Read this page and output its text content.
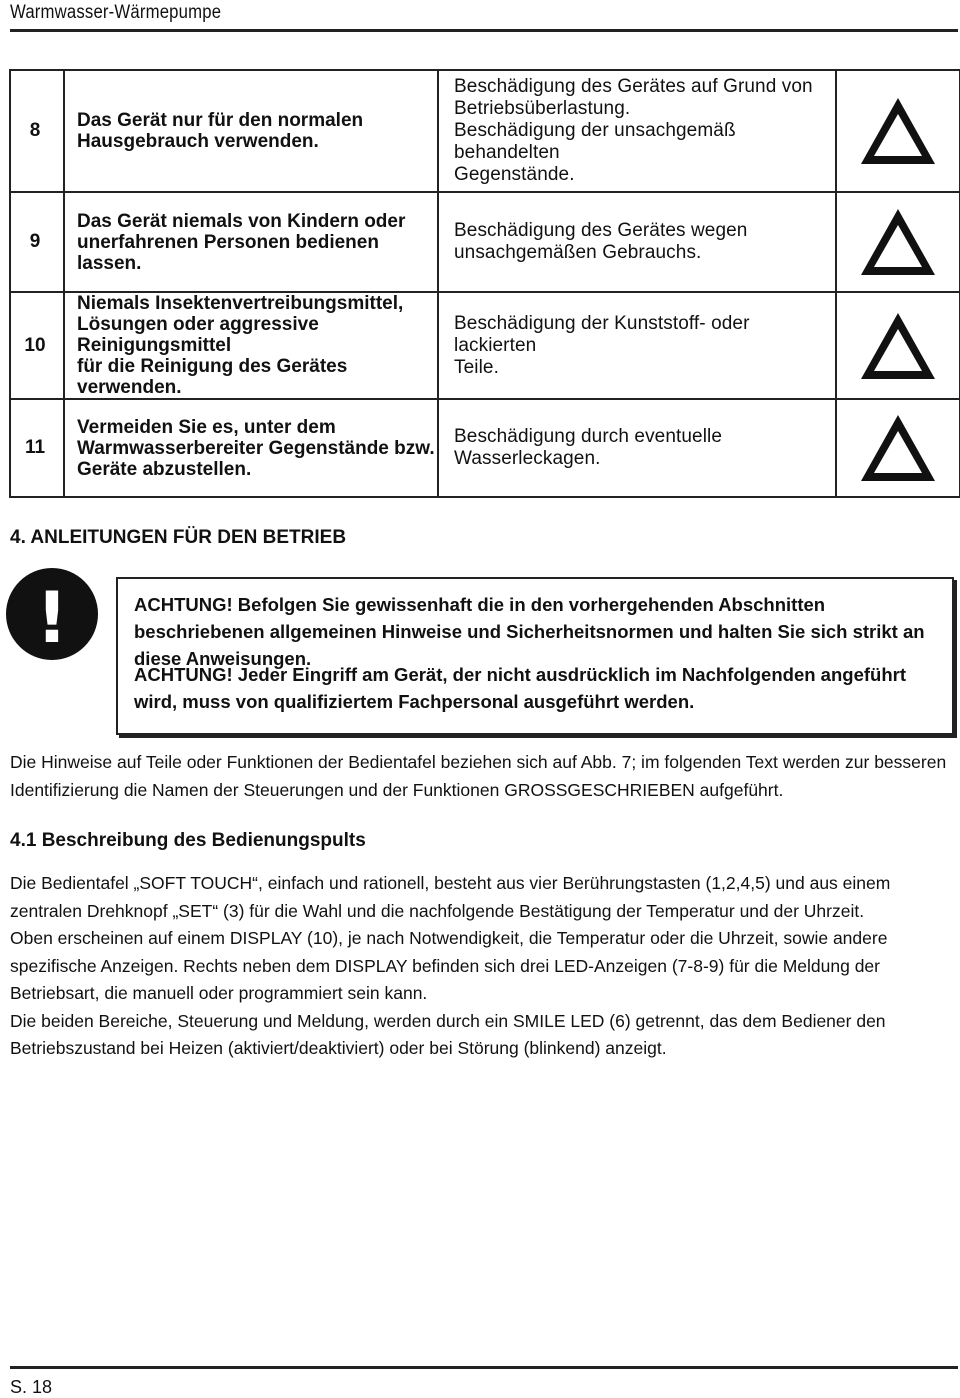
Warmwasser-Wärmepumpe
8	Das Gerät nur für den normalen
Hausgebrauch verwenden.	Beschädigung des Gerätes auf Grund von
Betriebsüberlastung.
Beschädigung der unsachgemäß behandelten
Gegenstände.	
9	Das Gerät niemals von Kindern oder
unerfahrenen Personen bedienen lassen.	Beschädigung des Gerätes wegen
unsachgemäßen Gebrauchs.	
10	Niemals Insektenvertreibungsmittel,
Lösungen oder aggressive Reinigungsmittel
für die Reinigung des Gerätes verwenden.	Beschädigung der Kunststoff- oder lackierten
Teile.	
11	Vermeiden Sie es, unter dem
Warmwasserbereiter Gegenstände bzw.
Geräte abzustellen.	Beschädigung durch eventuelle Wasserleckagen.	
4. ANLEITUNGEN FÜR DEN BETRIEB
!	ACHTUNG! Befolgen Sie gewissenhaft die in den vorhergehenden Abschnitten beschriebenen allgemeinen Hinweise und Sicherheitsnormen und halten Sie sich strikt an diese Anweisungen.
ACHTUNG! Jeder Eingriff am Gerät, der nicht ausdrücklich im Nachfolgenden angeführt wird, muss von qualifiziertem Fachpersonal ausgeführt werden.
Die Hinweise auf Teile oder Funktionen der Bedientafel beziehen sich auf Abb. 7; im folgenden Text werden zur besseren Identifizierung die Namen der Steuerungen und der Funktionen GROSSGESCHRIEBEN aufgeführt.
4.1 Beschreibung des Bedienungspults

Die Bedientafel „SOFT TOUCH“, einfach und rationell, besteht aus vier Berührungstasten (1,2,4,5) und aus einem zentralen Drehknopf „SET“ (3) für die Wahl und die nachfolgende Bestätigung der Temperatur und der Uhrzeit.

Oben erscheinen auf einem DISPLAY (10), je nach Notwendigkeit, die Temperatur oder die Uhrzeit, sowie andere spezifische Anzeigen. Rechts neben dem DISPLAY befinden sich drei LED-Anzeigen (7-8-9) für die Meldung der Betriebsart, die manuell oder programmiert sein kann.

Die beiden Bereiche, Steuerung und Meldung, werden durch ein SMILE LED (6) getrennt, das dem Bediener den Betriebszustand bei Heizen (aktiviert/deaktiviert) oder bei Störung (blinkend) anzeigt.

S. 18
